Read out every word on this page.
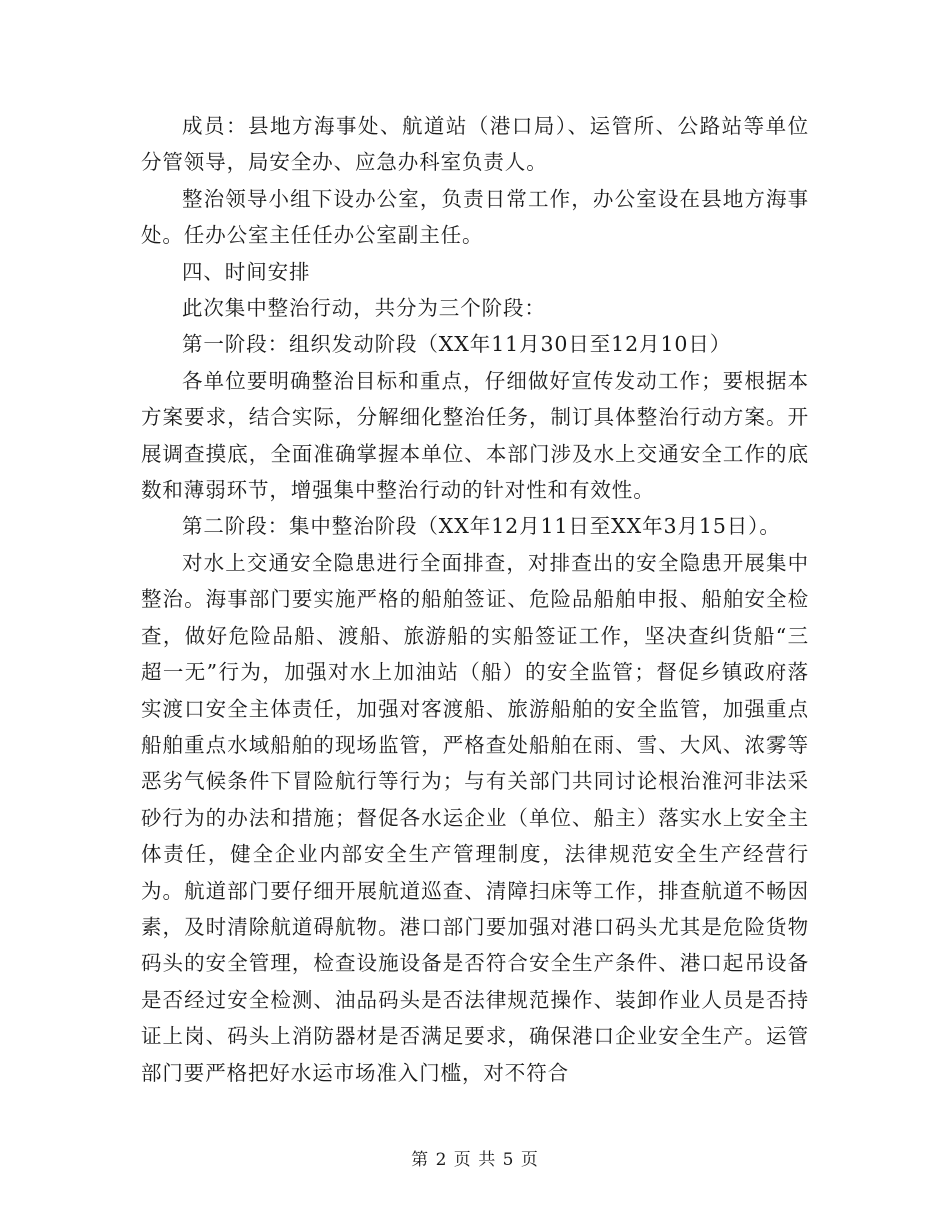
成员：县地方海事处、航道站（港口局）、运管所、公路站等单位分管领导，局安全办、应急办科室负责人。

整治领导小组下设办公室，负责日常工作，办公室设在县地方海事处。任办公室主任任办公室副主任。

四、时间安排

此次集中整治行动，共分为三个阶段：

第一阶段：组织发动阶段（XX年11月30日至12月10日）

各单位要明确整治目标和重点，仔细做好宣传发动工作；要根据本方案要求，结合实际，分解细化整治任务，制订具体整治行动方案。开展调查摸底，全面准确掌握本单位、本部门涉及水上交通安全工作的底数和薄弱环节，增强集中整治行动的针对性和有效性。

第二阶段：集中整治阶段（XX年12月11日至XX年3月15日）。

对水上交通安全隐患进行全面排查，对排查出的安全隐患开展集中整治。海事部门要实施严格的船舶签证、危险品船舶申报、船舶安全检查，做好危险品船、渡船、旅游船的实船签证工作，坚决查纠货船“三超一无”行为，加强对水上加油站（船）的安全监管；督促乡镇政府落实渡口安全主体责任，加强对客渡船、旅游船舶的安全监管，加强重点船舶重点水域船舶的现场监管，严格查处船舶在雨、雪、大风、浓雾等恶劣气候条件下冒险航行等行为；与有关部门共同讨论根治淮河非法采砂行为的办法和措施；督促各水运企业（单位、船主）落实水上安全主体责任，健全企业内部安全生产管理制度，法律规范安全生产经营行为。航道部门要仔细开展航道巡查、清障扫床等工作，排查航道不畅因素，及时清除航道碍航物。港口部门要加强对港口码头尤其是危险货物码头的安全管理，检查设施设备是否符合安全生产条件、港口起吊设备是否经过安全检测、油品码头是否法律规范操作、装卸作业人员是否持证上岗、码头上消防器材是否满足要求，确保港口企业安全生产。运管部门要严格把好水运市场准入门槛，对不符合

第 2 页 共 5 页
